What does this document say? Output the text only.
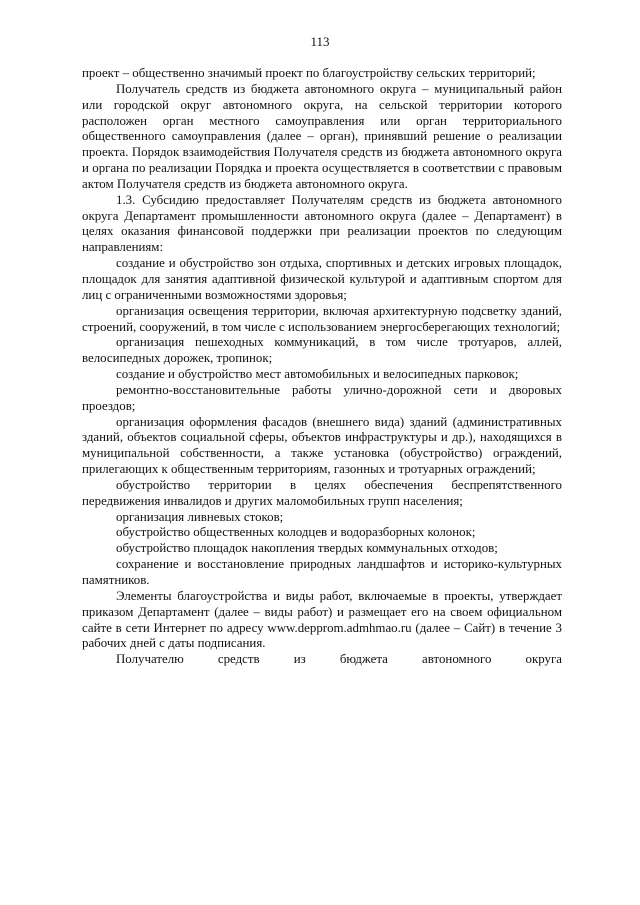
113

проект – общественно значимый проект по благоустройству сельских территорий;

Получатель средств из бюджета автономного округа – муниципальный район или городской округ автономного округа, на сельской территории которого расположен орган местного самоуправления или орган территориального общественного самоуправления (далее – орган), принявший решение о реализации проекта. Порядок взаимодействия Получателя средств из бюджета автономного округа и органа по реализации Порядка и проекта осуществляется в соответствии с правовым актом Получателя средств из бюджета автономного округа.

1.3. Субсидию предоставляет Получателям средств из бюджета автономного округа Департамент промышленности автономного округа (далее – Департамент) в целях оказания финансовой поддержки при реализации проектов по следующим направлениям:

создание и обустройство зон отдыха, спортивных и детских игровых площадок, площадок для занятия адаптивной физической культурой и адаптивным спортом для лиц с ограниченными возможностями здоровья;

организация освещения территории, включая архитектурную подсветку зданий, строений, сооружений, в том числе с использованием энергосберегающих технологий;

организация пешеходных коммуникаций, в том числе тротуаров, аллей, велосипедных дорожек, тропинок;

создание и обустройство мест автомобильных и велосипедных парковок;

ремонтно-восстановительные работы улично-дорожной сети и дворовых проездов;

организация оформления фасадов (внешнего вида) зданий (административных зданий, объектов социальной сферы, объектов инфраструктуры и др.), находящихся в муниципальной собственности, а также установка (обустройство) ограждений, прилегающих к общественным территориям, газонных и тротуарных ограждений;

обустройство территории в целях обеспечения беспрепятственного передвижения инвалидов и других маломобильных групп населения;

организация ливневых стоков;

обустройство общественных колодцев и водоразборных колонок;

обустройство площадок накопления твердых коммунальных отходов;

сохранение и восстановление природных ландшафтов и историко-культурных памятников.

Элементы благоустройства и виды работ, включаемые в проекты, утверждает приказом Департамент (далее – виды работ) и размещает его на своем официальном сайте в сети Интернет по адресу www.depprom.admhmao.ru (далее – Сайт) в течение 3 рабочих дней с даты подписания.

Получателю средств из бюджета автономного округа
